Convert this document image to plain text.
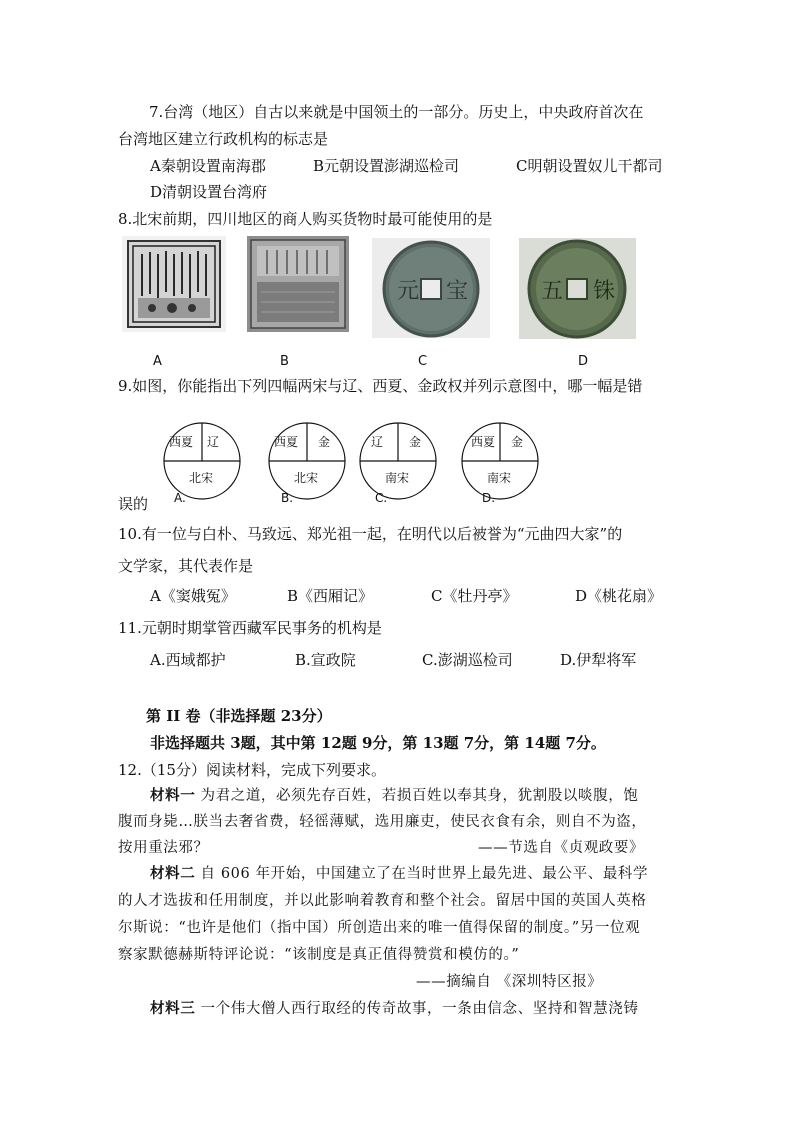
7.台湾（地区）自古以来就是中国领土的一部分。历史上，中央政府首次在
台湾地区建立行政机构的标志是
A秦朝设置南海郡	B元朝设置澎湖巡检司	C明朝设置奴儿干都司
D清朝设置台湾府
8.北宋前期，四川地区的商人购买货物时最可能使用的是
元 宝	五 铢
A	B	C	D
9.如图，你能指出下列四幅两宋与辽、西夏、金政权并列示意图中，哪一幅是错
西夏 辽
北宋
A.
西夏 金
北宋
B.
辽 金
南宋
C.
西夏 金
南宋
D.
误的
10.有一位与白朴、马致远、郑光祖一起，在明代以后被誉为“元曲四大家”的
文学家，其代表作是
A《窦娥冤》	B《西厢记》	C《牡丹亭》	D《桃花扇》
11.元朝时期掌管西藏军民事务的机构是
A.西域都护	B.宣政院	C.澎湖巡检司	D.伊犁将军
第 II 卷（非选择题 23分）
非选择题共 3题，其中第 12题 9分，第 13题 7分，第 14题 7分。
12.（15分）阅读材料，完成下列要求。
材料一 为君之道，必须先存百姓，若损百姓以奉其身，犹割股以啖腹，饱
腹而身毙…朕当去奢省费，轻徭薄赋，选用廉吏，使民衣食有余，则自不为盗，
按用重法邪？	——节选自《贞观政要》
材料二 自 606 年开始，中国建立了在当时世界上最先进、最公平、最科学
的人才选拔和任用制度，并以此影响着教育和整个社会。留居中国的英国人英格
尔斯说：“也许是他们（指中国）所创造出来的唯一值得保留的制度。”另一位观
察家默德赫斯特评论说：“该制度是真正值得赞赏和模仿的。”
——摘编自 《深圳特区报》
材料三 一个伟大僧人西行取经的传奇故事，一条由信念、坚持和智慧浇铸
